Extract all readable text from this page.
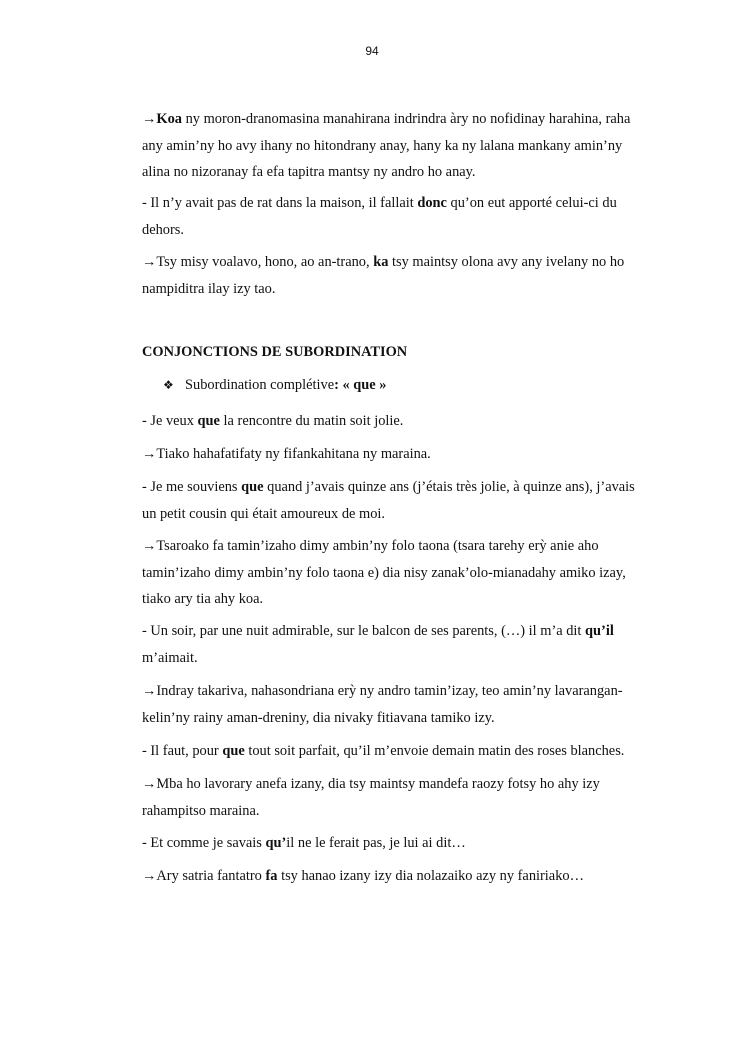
94
CONJONCTIONS DE SUBORDINATION
❖ Subordination complétive: « que »
→Koa ny moron-dranomasina manahirana indrindra àry no nofidinay harahina, raha
any amin’ny ho avy ihany no hitondrany anay, hany ka ny lalana mankany amin’ny
alina no nizoranay fa efa tapitra mantsy ny andro ho anay.
- Il n’y avait pas de rat dans la maison, il fallait donc qu’on eut apporté celui-ci du
dehors.
→Tsy misy voalavo, hono, ao an-trano, ka tsy maintsy olona avy any ivelany no ho
nampiditra ilay izy tao.
- Je veux que la rencontre du matin soit jolie.
→Tiako hahafatifaty ny fifankahitana ny maraina.
- Je me souviens que quand j’avais quinze ans (j’étais très jolie, à quinze ans), j’avais
un petit cousin qui était amoureux de moi.
→Tsaroako fa tamin’izaho dimy ambin’ny folo taona (tsara tarehy erỳ anie aho
tamin’izaho dimy ambin’ny folo taona e) dia nisy zanak’olo-mianadahy amiko izay,
tiako ary tia ahy koa.
- Un soir, par une nuit admirable, sur le balcon de ses parents, (…) il m’a dit qu’il
m’aimait.
→Indray takariva, nahasondriana erỳ ny andro tamin’izay, teo amin’ny lavarangan-
kelin’ny rainy aman-dreniny, dia nivaky fitiavana tamiko izy.
- Il faut, pour que tout soit parfait, qu’il m’envoie demain matin des roses blanches.
→Mba ho lavorary anefa izany, dia tsy maintsy mandefa raozy fotsy ho ahy izy
rahampitso maraina.
- Et comme je savais qu’il ne le ferait pas, je lui ai dit…
→Ary satria fantatro fa tsy hanao izany izy dia nolazaiko azy ny faniriako…
